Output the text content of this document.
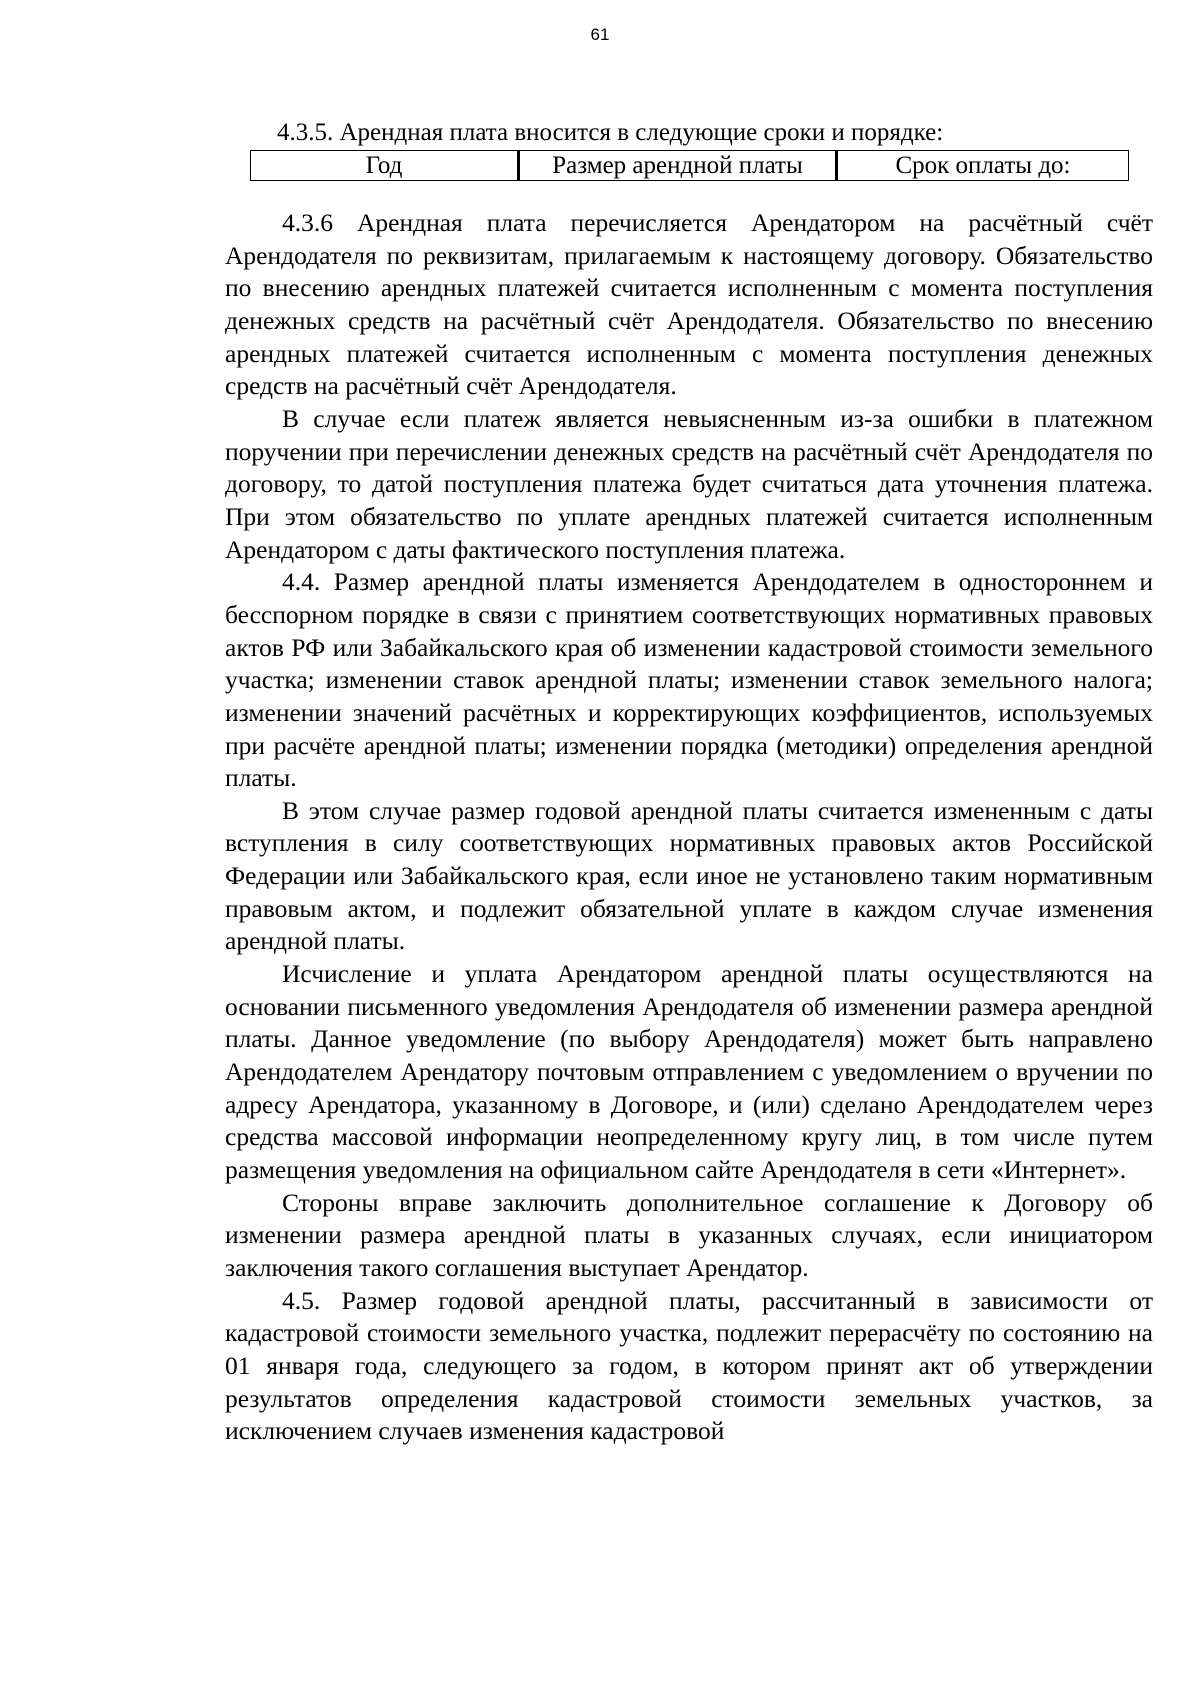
61
4.3.5. Арендная плата вносится в следующие сроки и порядке:
Год	Размер арендной платы	Срок оплаты до:

4.3.6 Арендная плата перечисляется Арендатором на расчётный счёт Арендодателя по реквизитам, прилагаемым к настоящему договору. Обязательство по внесению арендных платежей считается исполненным с момента поступления денежных средств на расчётный счёт Арендодателя. Обязательство по внесению арендных платежей считается исполненным с момента поступления денежных средств на расчётный счёт Арендодателя.

В случае если платеж является невыясненным из-за ошибки в платежном поручении при перечислении денежных средств на расчётный счёт Арендодателя по договору, то датой поступления платежа будет считаться дата уточнения платежа. При этом обязательство по уплате арендных платежей считается исполненным Арендатором с даты фактического поступления платежа.

4.4. Размер арендной платы изменяется Арендодателем в одностороннем и бесспорном порядке в связи с принятием соответствующих нормативных правовых актов РФ или Забайкальского края об изменении кадастровой стоимости земельного участка; изменении ставок арендной платы; изменении ставок земельного налога; изменении значений расчётных и корректирующих коэффициентов, используемых при расчёте арендной платы; изменении порядка (методики) определения арендной платы.

В этом случае размер годовой арендной платы считается измененным с даты вступления в силу соответствующих нормативных правовых актов Российской Федерации или Забайкальского края, если иное не установлено таким нормативным правовым актом, и подлежит обязательной уплате в каждом случае изменения арендной платы.

Исчисление и уплата Арендатором арендной платы осуществляются на основании письменного уведомления Арендодателя об изменении размера арендной платы. Данное уведомление (по выбору Арендодателя) может быть направлено Арендодателем Арендатору почтовым отправлением с уведомлением о вручении по адресу Арендатора, указанному в Договоре, и (или) сделано Арендодателем через средства массовой информации неопределенному кругу лиц, в том числе путем размещения уведомления на официальном сайте Арендодателя в сети «Интернет».

Стороны вправе заключить дополнительное соглашение к Договору об изменении размера арендной платы в указанных случаях, если инициатором заключения такого соглашения выступает Арендатор.

4.5. Размер годовой арендной платы, рассчитанный в зависимости от кадастровой стоимости земельного участка, подлежит перерасчёту по состоянию на 01 января года, следующего за годом, в котором принят акт об утверждении результатов определения кадастровой стоимости земельных участков, за исключением случаев изменения кадастровой
